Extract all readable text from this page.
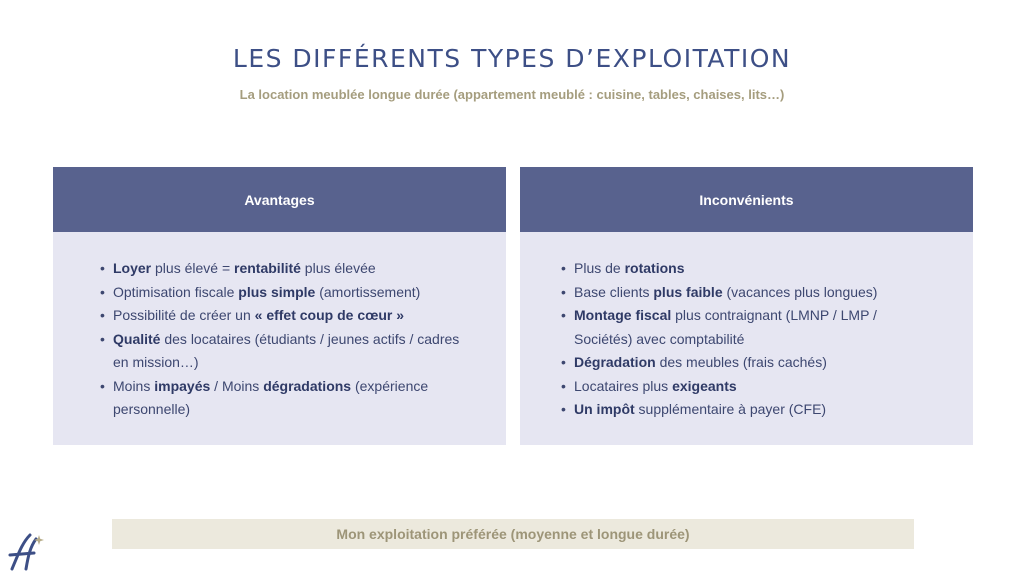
LES DIFFÉRENTS TYPES D’EXPLOITATION
La location meublée longue durée (appartement meublé : cuisine, tables, chaises, lits…)
Avantages
• Loyer plus élevé = rentabilité plus élevée
• Optimisation fiscale plus simple (amortissement)
• Possibilité de créer un « effet coup de cœur »
• Qualité des locataires (étudiants / jeunes actifs / cadres en mission…)
• Moins impayés / Moins dégradations (expérience personnelle)
Inconvénients
• Plus de rotations
• Base clients plus faible (vacances plus longues)
• Montage fiscal plus contraignant (LMNP / LMP / Sociétés) avec comptabilité
• Dégradation des meubles (frais cachés)
• Locataires plus exigeants
• Un impôt supplémentaire à payer (CFE)
Mon exploitation préférée (moyenne et longue durée)
